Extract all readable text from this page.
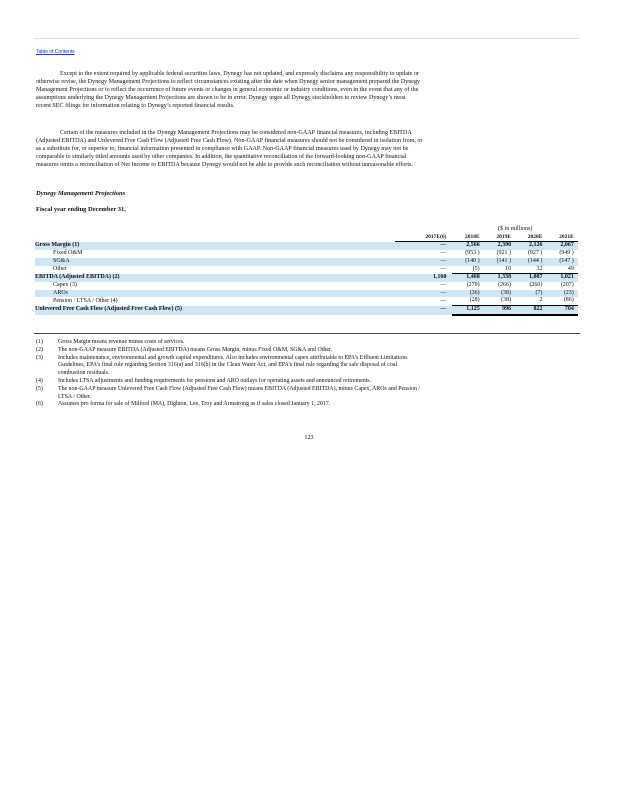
Table of Contents

Except to the extent required by applicable federal securities laws, Dynegy has not updated, and expressly disclaims any responsibility to update or
otherwise revise, the Dynegy Management Projections to reflect circumstances existing after the date when Dynegy senior management prepared the Dynegy
Management Projections or to reflect the occurrence of future events or changes in general economic or industry conditions, even in the event that any of the
assumptions underlying the Dynegy Management Projections are shown to be in error. Dynegy urges all Dynegy stockholders to review Dynegy’s most
recent SEC filings for information relating to Dynegy’s reported financial results.

Certain of the measures included in the Dynegy Management Projections may be considered non-GAAP financial measures, including EBITDA
(Adjusted EBITDA) and Unlevered Free Cash Flow (Adjusted Free Cash Flow). Non-GAAP financial measures should not be considered in isolation from, or
as a substitute for, or superior to, financial information presented in compliance with GAAP. Non-GAAP financial measures used by Dynegy may not be
comparable to similarly titled amounts used by other companies. In addition, the quantitative reconciliation of the forward-looking non-GAAP financial
measures omits a reconciliation of Net Income to EBITDA because Dynegy would not be able to provide such reconciliation without unreasonable efforts.

Dynegy Management Projections
Fiscal year ending December 31,
		($ in millions)							
	2017E(6)	2018E		2019E		2020E		2021E	
Gross Margin (1)	—	2,566		2,390		2,126		2,067	
Fixed O&M	—	(953 )		(921 )		(927 )		(949 )	
SG&A	—	(140 )		(141 )		(144 )		(147 )	
Other	—	(5)		10		32		49	
EBITDA (Adjusted EBITDA) (2)	1,160	1,468		1,338		1,087		1,021	
Capex (3)	—	(279)		(266)		(260)		(207)	
AROs	—	(36)		(38)		(7)		(23)	
Pension / LTSA / Other (4)	—	(28)		(38)		2		(86)	
Unlevered Free Cash Flow (Adjusted Free Cash Flow) (5)	—	1,125		996		822		704	
(1)	Gross Margin means revenue minus costs of services.
(2)	The non-GAAP measure EBITDA (Adjusted EBITDA) means Gross Margin, minus Fixed O&M, SG&A and Other.
(3)	Includes maintenance, environmental and growth capital expenditures. Also includes environmental capex attributable to EPA’s Effluent Limitations
Guidelines, EPA’s final rule regarding Section 316(a) and 316(b) in the Clean Water Act, and EPA’s final rule regarding the safe disposal of coal
combustion residuals.
(4)	Includes LTSA adjustments and funding requirements for pensions and ARO outlays for operating assets and announced retirements.
(5)	The non-GAAP measure Unlevered Free Cash Flow (Adjusted Free Cash Flow) means EBITDA (Adjusted EBITDA), minus Capex, AROs and Pension /
LTSA / Other.
(6)	Assumes pro forma for sale of Milford (MA), Dighton, Lee, Troy and Armstrong as if sales closed January 1, 2017.
123
